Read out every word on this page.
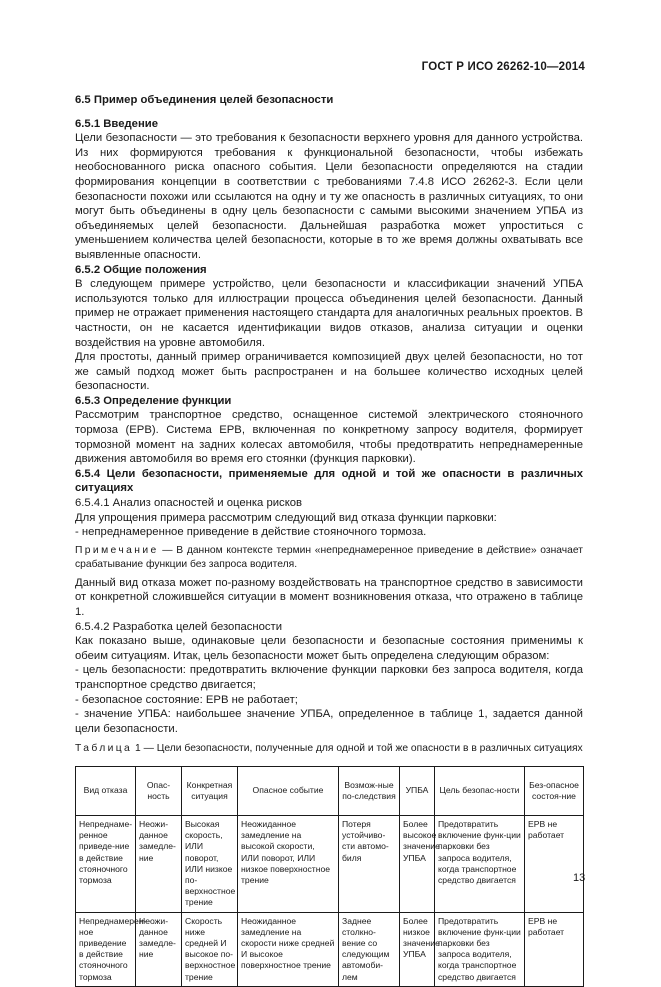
ГОСТ Р ИСО 26262-10—2014

6.5 Пример объединения целей безопасности

6.5.1 Введение

Цели безопасности — это требования к безопасности верхнего уровня для данного устройства. Из них формируются требования к функциональной безопасности, чтобы избежать необоснованного риска опасного события. Цели безопасности определяются на стадии формирования концепции в соответствии с требованиями 7.4.8 ИСО 26262-3. Если цели безопасности похожи или ссылаются на одну и ту же опасность в различных ситуациях, то они могут быть объединены в одну цель безопасности с самыми высокими значением УПБА из объединяемых целей безопасности. Дальнейшая разработка может упроститься с уменьшением количества целей безопасности, которые в то же время должны охватывать все выявленные опасности.

6.5.2 Общие положения

В следующем примере устройство, цели безопасности и классификации значений УПБА используются только для иллюстрации процесса объединения целей безопасности. Данный пример не отражает применения настоящего стандарта для аналогичных реальных проектов. В частности, он не касается идентификации видов отказов, анализа ситуации и оценки воздействия на уровне автомобиля.

Для простоты, данный пример ограничивается композицией двух целей безопасности, но тот же самый подход может быть распространен и на большее количество исходных целей безопасности.

6.5.3 Определение функции

Рассмотрим транспортное средство, оснащенное системой электрического стояночного тормоза (ЕРВ). Система ЕРВ, включенная по конкретному запросу водителя, формирует тормозной момент на задних колесах автомобиля, чтобы предотвратить непреднамеренные движения автомобиля во время его стоянки (функция парковки).

6.5.4 Цели безопасности, применяемые для одной и той же опасности в различных ситуациях

6.5.4.1 Анализ опасностей и оценка рисков

Для упрощения примера рассмотрим следующий вид отказа функции парковки:

- непреднамеренное приведение в действие стояночного тормоза.

Примечание — В данном контексте термин «непреднамеренное приведение в действие» означает срабатывание функции без запроса водителя.

Данный вид отказа может по-разному воздействовать на транспортное средство в зависимости от конкретной сложившейся ситуации в момент возникновения отказа, что отражено в таблице 1.

6.5.4.2 Разработка целей безопасности

Как показано выше, одинаковые цели безопасности и безопасные состояния применимы к обеим ситуациям. Итак, цель безопасности может быть определена следующим образом:

- цель безопасности: предотвратить включение функции парковки без запроса водителя, когда транспортное средство двигается;

- безопасное состояние: ЕРВ не работает;

- значение УПБА: наибольшее значение УПБА, определенное в таблице 1, задается данной цели безопасности.

Таблица 1 — Цели безопасности, полученные для одной и той же опасности в в различных ситуациях

Вид отказа	Опас-ность	Конкретная ситуация	Опасное событие	Возмож-ные по-следствия	УПБА	Цель безопас-ности	Без-опасное состоя-ние
Непреднаме-ренное приведе-ние в действие стояночного тормоза	Неожи-данное замедле-ние	Высокая скорость, ИЛИ поворот, ИЛИ низкое по-верхностное трение	Неожиданное замедление на высокой скорости, ИЛИ поворот, ИЛИ низкое поверхностное трение	Потеря устойчиво-сти автомо-биля	Более высокое значение УПБА	Предотвратить включение функ-ции парковки без запроса водителя, когда транспортное средство двигается	ЕРВ не работает
Непреднамерен-ное приведение в действие стояночного тормоза	Неожи-данное замедле-ние	Скорость ниже средней И высокое по-верхностное трение	Неожиданное замедление на скорости ниже средней И высокое поверхностное трение	Заднее столкно-вение со следующим автомоби-лем	Более низкое значение УПБА	Предотвратить включение функ-ции парковки без запроса водителя, когда транспортное средство двигается	ЕРВ не работает
13
